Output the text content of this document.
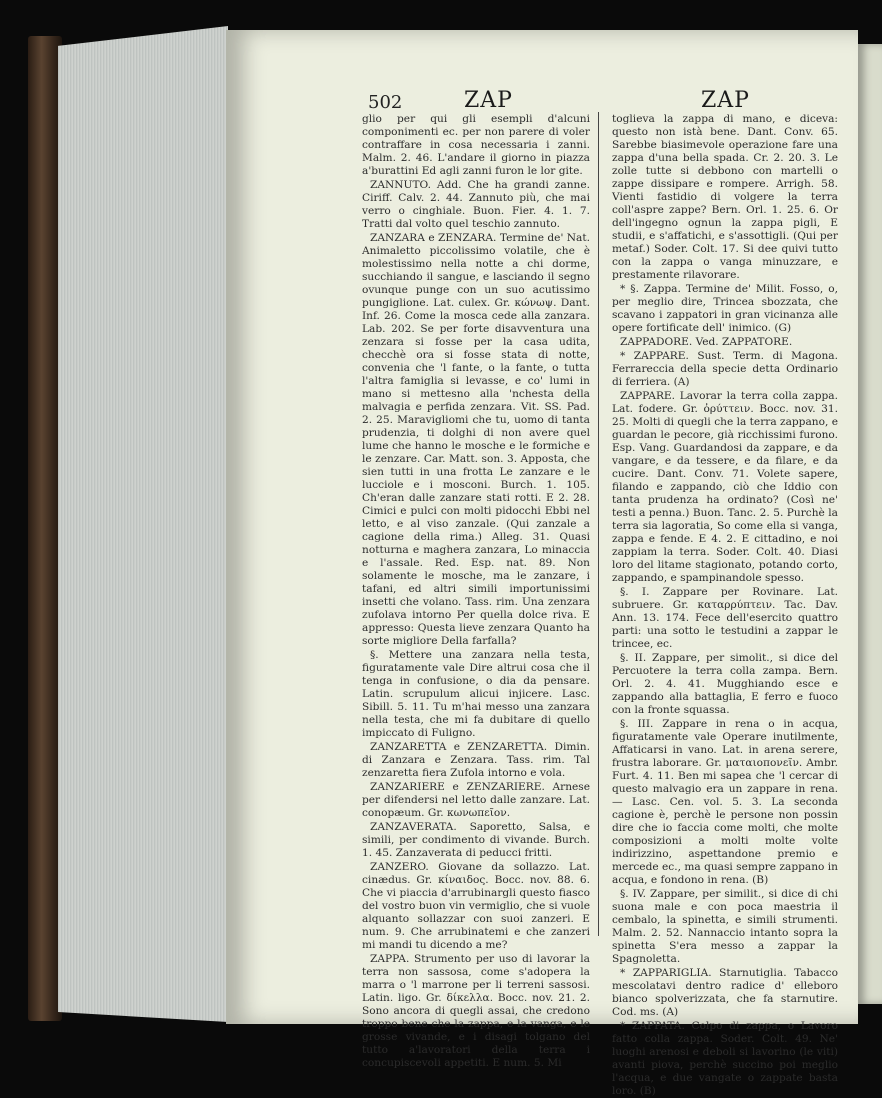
502	ZAP	ZAP

glio per qui gli esempli d'alcuni componimenti ec. per non parere di voler contraffare in cosa necessaria i zanni. Malm. 2. 46. L'andare il giorno in piazza a'burattini Ed agli zanni furon le lor gite.

ZANNUTO. Add. Che ha grandi zanne. Ciriff. Calv. 2. 44. Zannuto più, che mai verro o cinghiale. Buon. Fier. 4. 1. 7. Tratti dal volto quel teschio zannuto.

ZANZARA e ZENZARA. Termine de' Nat. Animaletto piccolissimo volatile, che è molestissimo nella notte a chi dorme, succhiando il sangue, e lasciando il segno ovunque punge con un suo acutissimo pungiglione. Lat. culex. Gr. κώνωψ. Dant. Inf. 26. Come la mosca cede alla zanzara. Lab. 202. Se per forte disavventura una zenzara si fosse per la casa udita, checchè ora si fosse stata di notte, convenia che 'l fante, o la fante, o tutta l'altra famiglia si levasse, e co' lumi in mano si mettesno alla 'nchesta della malvagia e perfida zenzara. Vit. SS. Pad. 2. 25. Maravigliomi che tu, uomo di tanta prudenzia, ti dolghi di non avere quel lume che hanno le mosche e le formiche e le zenzare. Car. Matt. son. 3. Apposta, che sien tutti in una frotta Le zanzare e le lucciole e i mosconi. Burch. 1. 105. Ch'eran dalle zanzare stati rotti. E 2. 28. Cimici e pulci con molti pidocchi Ebbi nel letto, e al viso zanzale. (Qui zanzale a cagione della rima.) Alleg. 31. Quasi notturna e maghera zanzara, Lo minaccia e l'assale. Red. Esp. nat. 89. Non solamente le mosche, ma le zanzare, i tafani, ed altri simili importunissimi insetti che volano. Tass. rim. Una zenzara zufolava intorno Per quella dolce riva. E appresso: Questa lieve zenzara Quanto ha sorte migliore Della farfalla?

§. Mettere una zanzara nella testa, figuratamente vale Dire altrui cosa che il tenga in confusione, o dia da pensare. Latin. scrupulum alicui injicere. Lasc. Sibill. 5. 11. Tu m'hai messo una zanzara nella testa, che mi fa dubitare di quello impiccato di Fuligno.

ZANZARETTA e ZENZARETTA. Dimin. di Zanzara e Zenzara. Tass. rim. Tal zenzaretta fiera Zufola intorno e vola.

ZANZARIERE e ZENZARIERE. Arnese per difendersi nel letto dalle zanzare. Lat. conopæum. Gr. κωνωπεῖον.

ZANZAVERATA. Saporetto, Salsa, e simili, per condimento di vivande. Burch. 1. 45. Zanzaverata di peducci fritti.

ZANZERO. Giovane da sollazzo. Lat. cinædus. Gr. κίναιδος. Bocc. nov. 88. 6. Che vi piaccia d'arrubinargli questo fiasco del vostro buon vin vermiglio, che si vuole alquanto sollazzar con suoi zanzeri. E num. 9. Che arrubinatemi e che zanzeri mi mandi tu dicendo a me?

ZAPPA. Strumento per uso di lavorar la terra non sassosa, come s'adopera la marra o 'l marrone per li terreni sassosi. Latin. ligo. Gr. δίκελλα. Bocc. nov. 21. 2. Sono ancora di quegli assai, che credono troppo bene che la zappa, e la vanga, e le grosse vivande, e i disagi tolgano del tutto a'lavoratori della terra i concupiscevoli appetiti. E num. 5. Mi

toglieva la zappa di mano, e diceva: questo non istà bene. Dant. Conv. 65. Sarebbe biasimevole operazione fare una zappa d'una bella spada. Cr. 2. 20. 3. Le zolle tutte si debbono con martelli o zappe dissipare e rompere. Arrigh. 58. Vienti fastidio di volgere la terra coll'aspre zappe? Bern. Orl. 1. 25. 6. Or dell'ingegno ognun la zappa pigli, E studii, e s'affatichi, e s'assottigli. (Qui per metaf.) Soder. Colt. 17. Si dee quivi tutto con la zappa o vanga minuzzare, e prestamente rilavorare.

* §. Zappa. Termine de' Milit. Fosso, o, per meglio dire, Trincea sbozzata, che scavano i zappatori in gran vicinanza alle opere fortificate dell' inimico. (G)

ZAPPADORE. Ved. ZAPPATORE.

* ZAPPARE. Sust. Term. di Magona. Ferrareccia della specie detta Ordinario di ferriera. (A)

ZAPPARE. Lavorar la terra colla zappa. Lat. fodere. Gr. ὀρύττειν. Bocc. nov. 31. 25. Molti di quegli che la terra zappano, e guardan le pecore, già ricchissimi furono. Esp. Vang. Guardandosi da zappare, e da vangare, e da tessere, e da filare, e da cucire. Dant. Conv. 71. Volete sapere, filando e zappando, ciò che Iddio con tanta prudenza ha ordinato? (Così ne' testi a penna.) Buon. Tanc. 2. 5. Purchè la terra sia lagoratia, So come ella si vanga, zappa e fende. E 4. 2. E cittadino, e noi zappiam la terra. Soder. Colt. 40. Diasi loro del litame stagionato, potando corto, zappando, e spampinandole spesso.

§. I. Zappare per Rovinare. Lat. subruere. Gr. καταρρύπτειν. Tac. Dav. Ann. 13. 174. Fece dell'esercito quattro parti: una sotto le testudini a zappar le trincee, ec.

§. II. Zappare, per simolit., si dice del Percuotere la terra colla zampa. Bern. Orl. 2. 4. 41. Mugghiando esce e zappando alla battaglia, E ferro e fuoco con la fronte squassa.

§. III. Zappare in rena o in acqua, figuratamente vale Operare inutilmente, Affaticarsi in vano. Lat. in arena serere, frustra laborare. Gr. ματαιοπονεῖν. Ambr. Furt. 4. 11. Ben mi sapea che 'l cercar di questo malvagio era un zappare in rena. — Lasc. Cen. vol. 5. 3. La seconda cagione è, perchè le persone non possin dire che io faccia come molti, che molte composizioni a molti molte volte indirizzino, aspettandone premio e mercede ec., ma quasi sempre zappano in acqua, e fondono in rena. (B)

§. IV. Zappare, per similit., si dice di chi suona male e con poca maestria il cembalo, la spinetta, e simili strumenti. Malm. 2. 52. Nannaccio intanto sopra la spinetta S'era messo a zappar la Spagnoletta.

* ZAPPARIGLIA. Starnutiglia. Tabacco mescolatavi dentro radice d' elleboro bianco spolverizzata, che fa starnutire. Cod. ms. (A)

* ZAPPATA. Colpo di zappa, o Lavoro fatto colla zappa. Soder. Colt. 49. Ne' luoghi arenosi e deboli si lavorino (le viti) avanti piova, perchè succino poi meglio l'acqua, e due vangate o zappate basta loro. (B)
